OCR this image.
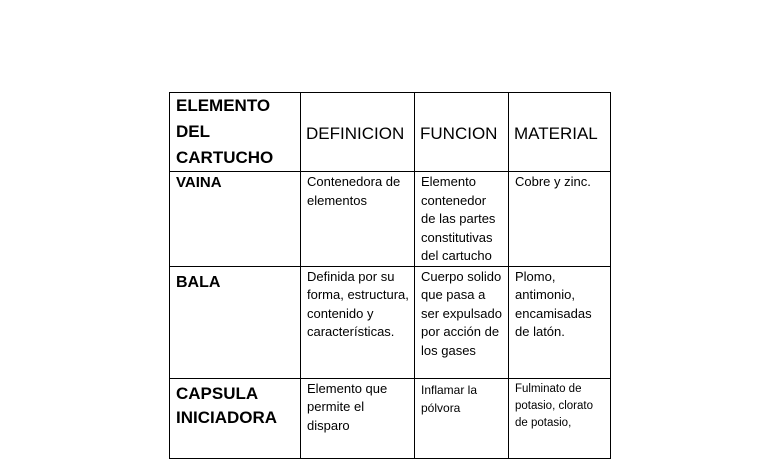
ELEMENTO DEL CARTUCHO	DEFINICION	FUNCION	MATERIAL
VAINA	Contenedora de elementos	Elemento contenedor de las partes constitutivas del cartucho	Cobre y zinc.
BALA	Definida por su forma, estructura, contenido y características.	Cuerpo solido que pasa a ser expulsado por acción de los gases	Plomo, antimonio, encamisadas de latón.
CAPSULA INICIADORA	Elemento que permite el disparo	Inflamar la pólvora	Fulminato de potasio, clorato de potasio,
